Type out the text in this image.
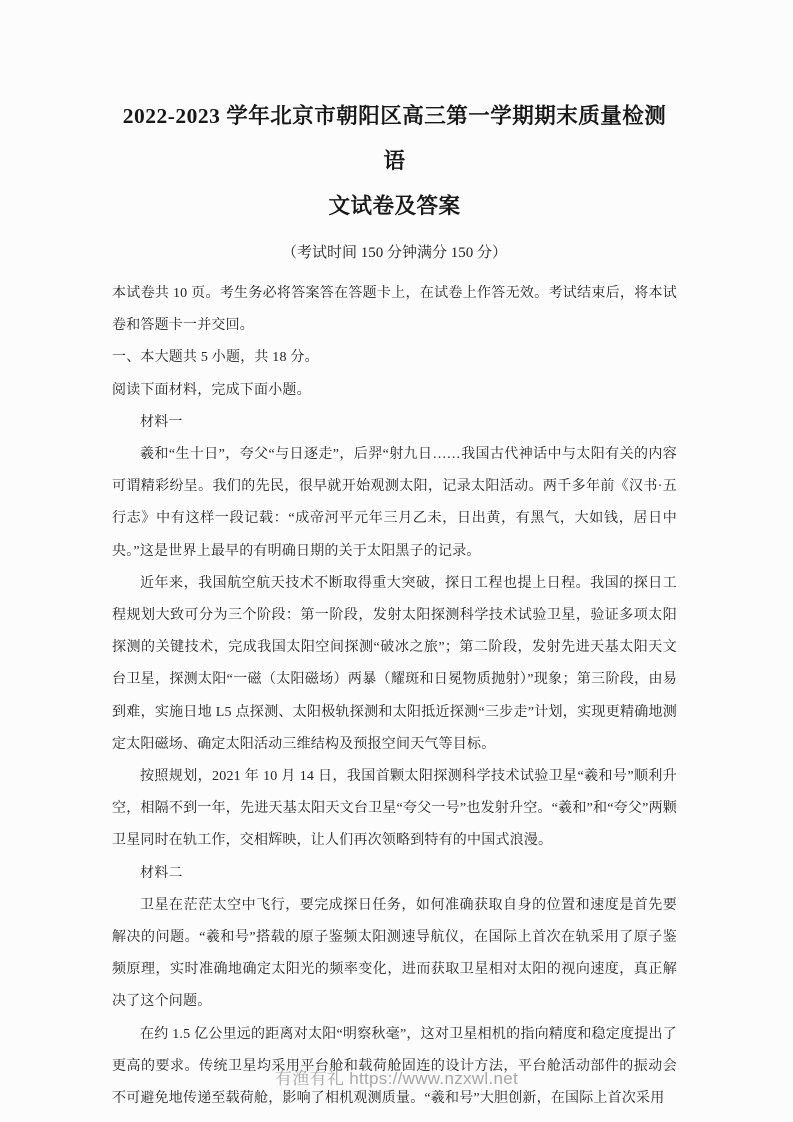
2022-2023 学年北京市朝阳区高三第一学期期末质量检测语
文试卷及答案
（考试时间 150 分钟满分 150 分）

本试卷共 10 页。考生务必将答案答在答题卡上，在试卷上作答无效。考试结束后，将本试卷和答题卡一并交回。

一、本大题共 5 小题，共 18 分。

阅读下面材料，完成下面小题。

材料一

羲和“生十日”，夸父“与日逐走”，后羿“射九日……我国古代神话中与太阳有关的内容可谓精彩纷呈。我们的先民，很早就开始观测太阳，记录太阳活动。两千多年前《汉书·五行志》中有这样一段记载：“成帝河平元年三月乙未，日出黄，有黑气，大如钱，居日中央。”这是世界上最早的有明确日期的关于太阳黑子的记录。

近年来，我国航空航天技术不断取得重大突破，探日工程也提上日程。我国的探日工程规划大致可分为三个阶段：第一阶段，发射太阳探测科学技术试验卫星，验证多项太阳探测的关键技术，完成我国太阳空间探测“破冰之旅”；第二阶段，发射先进天基太阳天文台卫星，探测太阳“一磁（太阳磁场）两暴（耀斑和日冕物质抛射）”现象；第三阶段，由易到难，实施日地 L5 点探测、太阳极轨探测和太阳抵近探测“三步走”计划，实现更精确地测定太阳磁场、确定太阳活动三维结构及预报空间天气等目标。

按照规划，2021 年 10 月 14 日，我国首颗太阳探测科学技术试验卫星“羲和号”顺利升空，相隔不到一年，先进天基太阳天文台卫星“夸父一号”也发射升空。“羲和”和“夸父”两颗卫星同时在轨工作，交相辉映，让人们再次领略到特有的中国式浪漫。

材料二

卫星在茫茫太空中飞行，要完成探日任务，如何准确获取自身的位置和速度是首先要解决的问题。“羲和号”搭载的原子鉴频太阳测速导航仪，在国际上首次在轨采用了原子鉴频原理，实时准确地确定太阳光的频率变化，进而获取卫星相对太阳的视向速度，真正解决了这个问题。

在约 1.5 亿公里远的距离对太阳“明察秋毫”，这对卫星相机的指向精度和稳定度提出了更高的要求。传统卫星均采用平台舱和载荷舱固连的设计方法，平台舱活动部件的振动会不可避免地传递至载荷舱，影响了相机观测质量。“羲和号”大胆创新，在国际上首次采用

有渔有礼 https://www.nzxwl.net
